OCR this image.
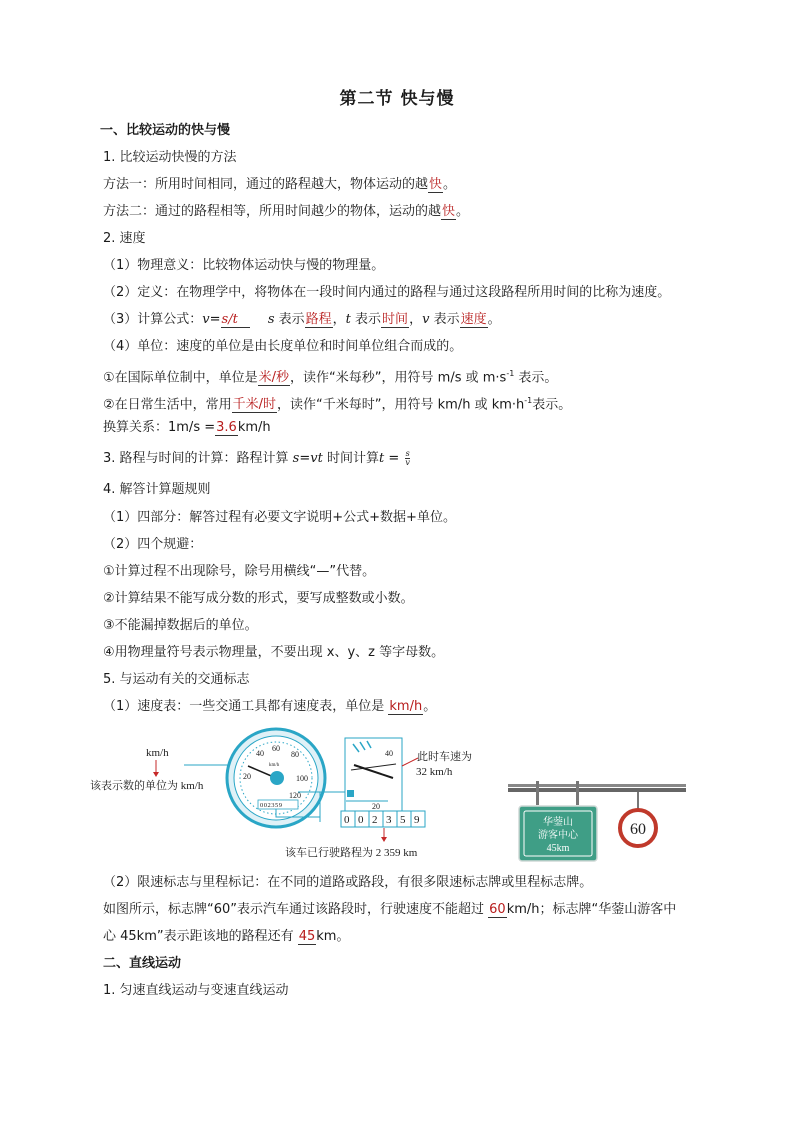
第二节 快与慢
一、比较运动的快与慢
1. 比较运动快慢的方法
方法一：所用时间相同，通过的路程越大，物体运动的越快。
方法二：通过的路程相等，所用时间越少的物体，运动的越快。
2. 速度
（1）物理意义：比较物体运动快与慢的物理量。
（2）定义：在物理学中，将物体在一段时间内通过的路程与通过这段路程所用时间的比称为速度。
（3）计算公式：v=s/t s 表示路程，t 表示时间，v 表示速度。
（4）单位：速度的单位是由长度单位和时间单位组合而成的。
①在国际单位制中，单位是米/秒，读作“米每秒”，用符号 m/s 或 $m\cdot s^{-1}$ 表示。
②在日常生活中，常用千米/时，读作“千米每时”，用符号 km/h 或 $km\cdot h^{-1}$表示。
换算关系：1m/s =3.6km/h
3. 路程与时间的计算：路程计算 s=vt 时间计算$t = \frac{s}{v}$
4. 解答计算题规则
（1）四部分：解答过程有必要文字说明+公式+数据+单位。
（2）四个规避：
①计算过程不出现除号，除号用横线“—”代替。
②计算结果不能写成分数的形式，要写成整数或小数。
③不能漏掉数据后的单位。
④用物理量符号表示物理量，不要出现 x、y、z 等字母数。
5. 与运动有关的交通标志
（1）速度表：一些交通工具都有速度表，单位是 km/h。
km/h
该表示数的单位为 km/h
40
60
80
20	100
120
km/h
002359
40
20
此时车速为
32 km/h
0 0 2 3 5 9
该车已行驶路程为 2 359 km
华蓥山
游客中心
45km
60
（2）限速标志与里程标记：在不同的道路或路段，有很多限速标志牌或里程标志牌。
如图所示，标志牌“60”表示汽车通过该路段时，行驶速度不能超过 60km/h；标志牌“华蓥山游客中
心 45km”表示距该地的路程还有 45km。
二、直线运动
1. 匀速直线运动与变速直线运动
